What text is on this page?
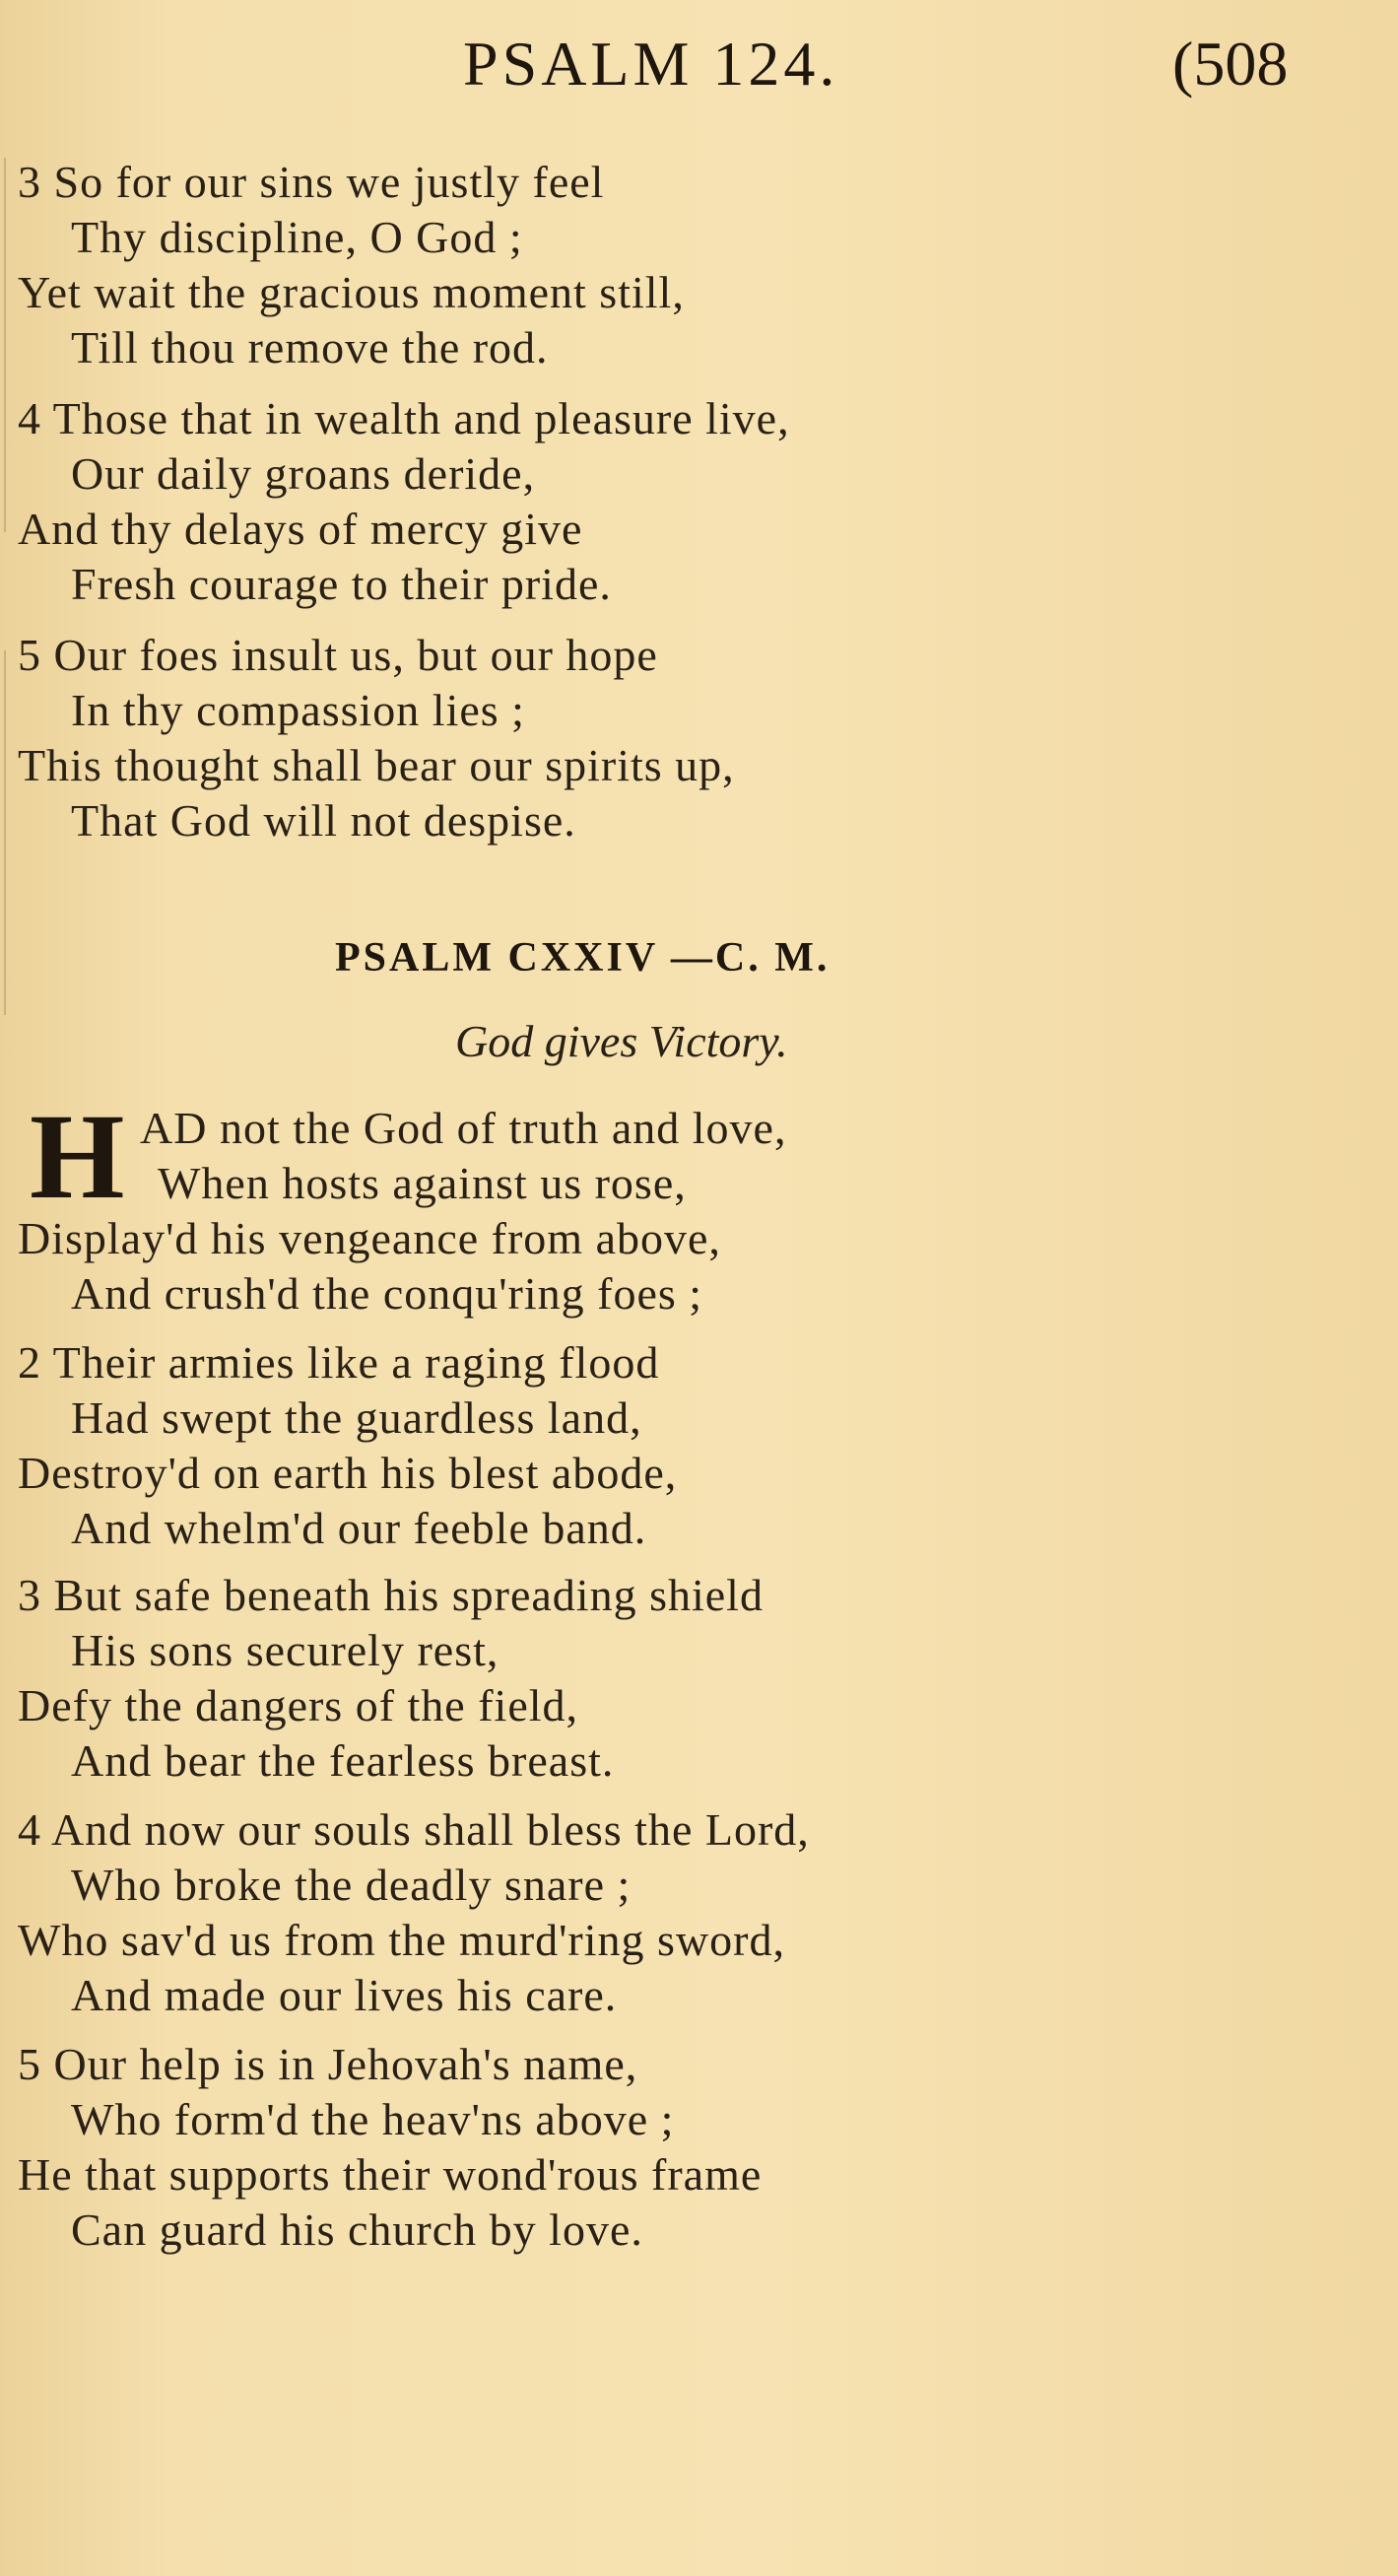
PSALM 124.	(508
3 So for our sins we justly feel
Thy discipline, O God ;
Yet wait the gracious moment still,
Till thou remove the rod.
4 Those that in wealth and pleasure live,
Our daily groans deride,
And thy delays of mercy give
Fresh courage to their pride.
5 Our foes insult us, but our hope
In thy compassion lies ;
This thought shall bear our spirits up,
That God will not despise.
PSALM CXXIV —C. M.
God gives Victory.
H AD not the God of truth and love,
When hosts against us rose,
Display'd his vengeance from above,
And crush'd the conqu'ring foes ;
2 Their armies like a raging flood
Had swept the guardless land,
Destroy'd on earth his blest abode,
And whelm'd our feeble band.
3 But safe beneath his spreading shield
His sons securely rest,
Defy the dangers of the field,
And bear the fearless breast.
4 And now our souls shall bless the Lord,
Who broke the deadly snare ;
Who sav'd us from the murd'ring sword,
And made our lives his care.
5 Our help is in Jehovah's name,
Who form'd the heav'ns above ;
He that supports their wond'rous frame
Can guard his church by love.
